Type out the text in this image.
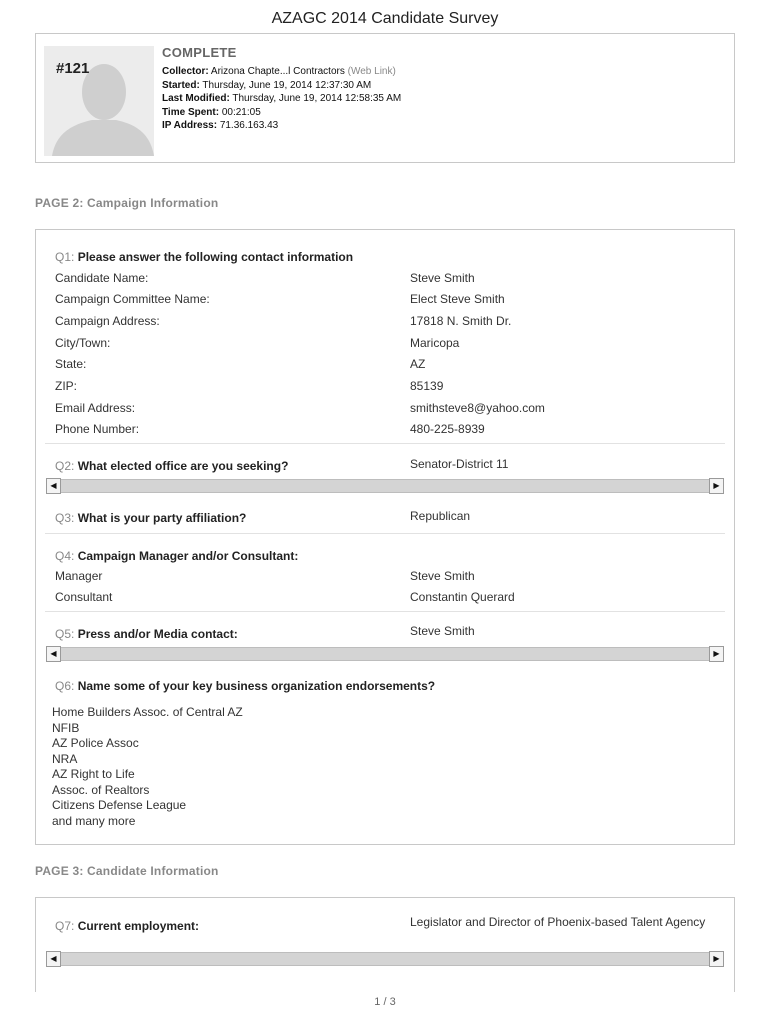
AZAGC 2014 Candidate Survey
#121
COMPLETE
Collector: Arizona Chapte...l Contractors (Web Link)
Started: Thursday, June 19, 2014 12:37:30 AM
Last Modified: Thursday, June 19, 2014 12:58:35 AM
Time Spent: 00:21:05
IP Address: 71.36.163.43
PAGE 2: Campaign Information
Q1: Please answer the following contact information
Candidate Name:	Steve Smith
Campaign Committee Name:	Elect Steve Smith
Campaign Address:	17818 N. Smith Dr.
City/Town:	Maricopa
State:	AZ
ZIP:	85139
Email Address:	smithsteve8@yahoo.com
Phone Number:	480-225-8939
Q2: What elected office are you seeking?	Senator-District 11
◀	▶
Q3: What is your party affiliation?	Republican
Q4: Campaign Manager and/or Consultant:
Manager	Steve Smith
Consultant	Constantin Querard
Q5: Press and/or Media contact:	Steve Smith
◀	▶
Q6: Name some of your key business organization endorsements?
Home Builders Assoc. of Central AZ
NFIB
AZ Police Assoc
NRA
AZ Right to Life
Assoc. of Realtors
Citizens Defense League
and many more
PAGE 3: Candidate Information
Q7: Current employment:	Legislator and Director of Phoenix-based Talent Agency
◀	▶
1 / 3
